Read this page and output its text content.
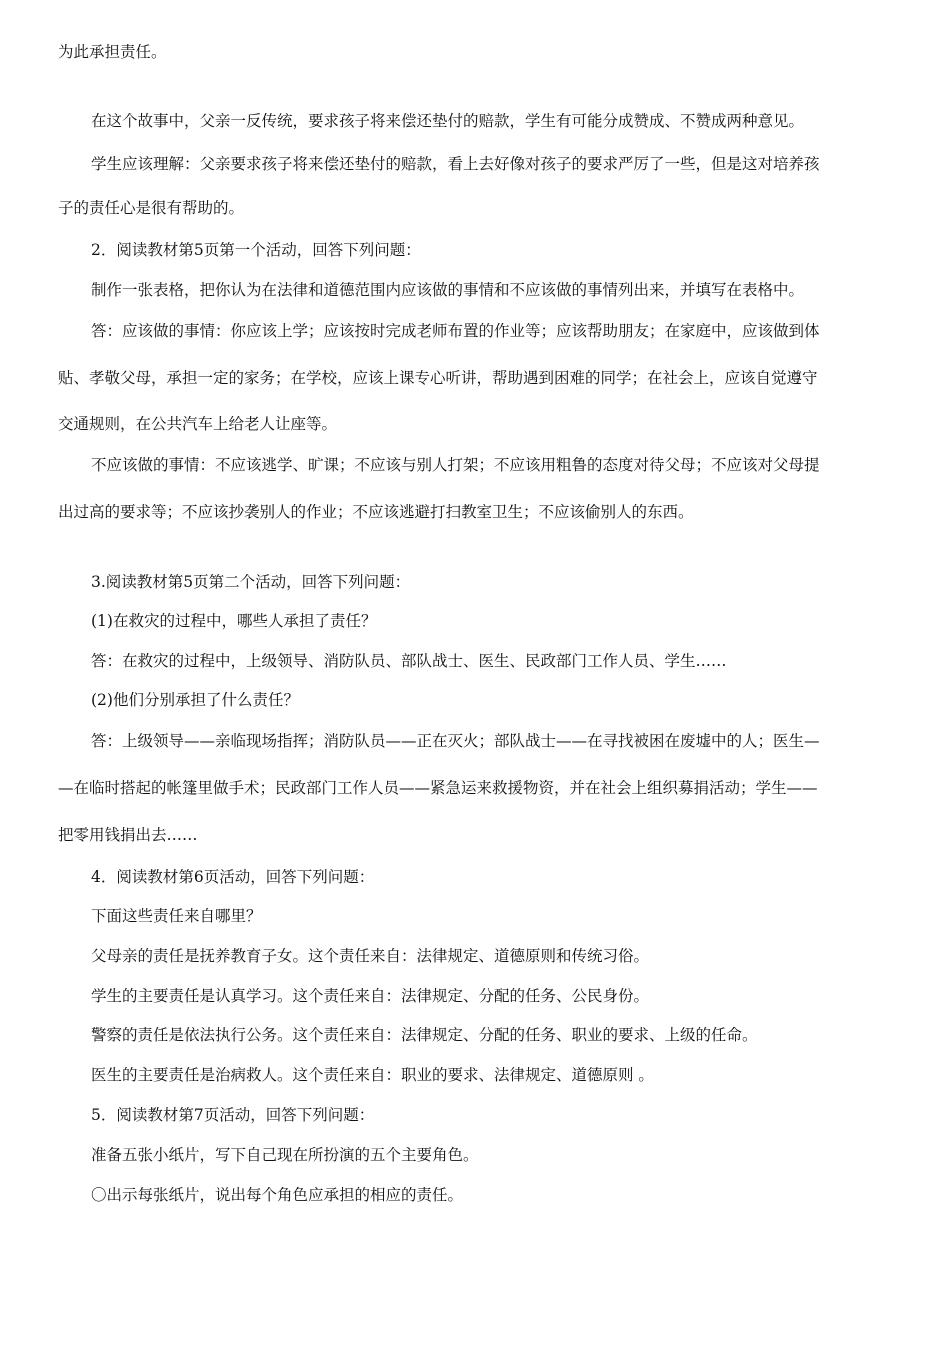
为此承担责任。
在这个故事中，父亲一反传统，要求孩子将来偿还垫付的赔款，学生有可能分成赞成、不赞成两种意见。
学生应该理解：父亲要求孩子将来偿还垫付的赔款，看上去好像对孩子的要求严厉了一些，但是这对培养孩
子的责任心是很有帮助的。
2．阅读教材第5页第一个活动，回答下列问题：
制作一张表格，把你认为在法律和道德范围内应该做的事情和不应该做的事情列出来，并填写在表格中。
答：应该做的事情：你应该上学；应该按时完成老师布置的作业等；应该帮助朋友；在家庭中，应该做到体
贴、孝敬父母，承担一定的家务；在学校，应该上课专心听讲，帮助遇到困难的同学；在社会上，应该自觉遵守
交通规则，在公共汽车上给老人让座等。
不应该做的事情：不应该逃学、旷课；不应该与别人打架；不应该用粗鲁的态度对待父母；不应该对父母提
出过高的要求等；不应该抄袭别人的作业；不应该逃避打扫教室卫生；不应该偷别人的东西。
3.阅读教材第5页第二个活动，回答下列问题：
(1)在救灾的过程中，哪些人承担了责任？
答：在救灾的过程中，上级领导、消防队员、部队战士、医生、民政部门工作人员、学生……
(2)他们分别承担了什么责任？
答：上级领导——亲临现场指挥；消防队员——正在灭火；部队战士——在寻找被困在废墟中的人；医生—
—在临时搭起的帐篷里做手术；民政部门工作人员——紧急运来救援物资，并在社会上组织募捐活动；学生——
把零用钱捐出去……
4．阅读教材第6页活动，回答下列问题：
下面这些责任来自哪里？
父母亲的责任是抚养教育子女。这个责任来自：法律规定、道德原则和传统习俗。
学生的主要责任是认真学习。这个责任来自：法律规定、分配的任务、公民身份。
警察的责任是依法执行公务。这个责任来自：法律规定、分配的任务、职业的要求、上级的任命。
医生的主要责任是治病救人。这个责任来自：职业的要求、法律规定、道德原则 。
5．阅读教材第7页活动，回答下列问题：
准备五张小纸片，写下自己现在所扮演的五个主要角色。
〇出示每张纸片，说出每个角色应承担的相应的责任。
